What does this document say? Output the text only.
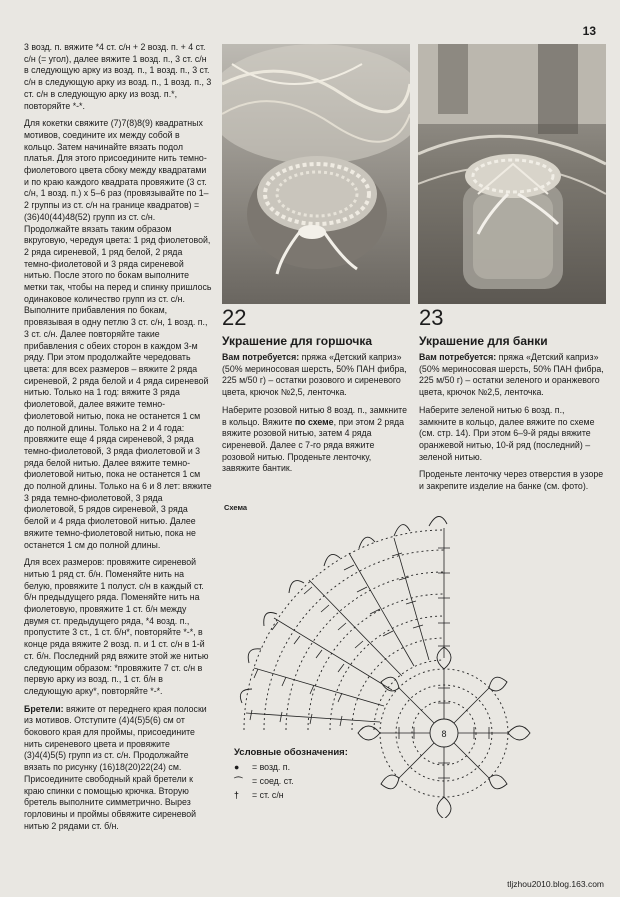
13

3 возд. п. вяжите *4 ст. с/н + 2 возд. п. + 4 ст. с/н (= угол), далее вяжите 1 возд. п., 3 ст. с/н в следующую арку из возд. п., 1 возд. п., 3 ст. с/н в следующую арку из возд. п., 1 возд. п., 3 ст. с/н в следующую арку из возд. п.*, повторяйте *-*.

Для кокетки свяжите (7)7(8)8(9) квадратных мотивов, соедините их между собой в кольцо. Затем начинайте вязать подол платья. Для этого присоедините нить темно-фиолетового цвета сбоку между квадратами и по краю каждого квадрата провяжите (3 ст. с/н, 1 возд. п.) х 5–6 раз (провязывайте по 1–2 группы из ст. с/н на границе квадратов) = (36)40(44)48(52) групп из ст. с/н. Продолжайте вязать таким образом вкруговую, чередуя цвета: 1 ряд фиолетовой, 2 ряда сиреневой, 1 ряд белой, 2 ряда темно-фиолетовой и 3 ряда сиреневой нитью. После этого по бокам выполните метки так, чтобы на перед и спинку пришлось одинаковое количество групп из ст. с/н. Выполните прибавления по бокам, провязывая в одну петлю 3 ст. с/н, 1 возд. п., 3 ст. с/н. Далее повторяйте такие прибавления с обеих сторон в каждом 3-м ряду. При этом продолжайте чередовать цвета: для всех размеров – вяжите 2 ряда сиреневой, 2 ряда белой и 4 ряда сиреневой нитью. Только на 1 год: вяжите 3 ряда фиолетовой, далее вяжите темно-фиолетовой нитью, пока не останется 1 см до полной длины. Только на 2 и 4 года: провяжите еще 4 ряда сиреневой, 3 ряда темно-фиолетовой, 3 ряда фиолетовой и 3 ряда белой нитью. Далее вяжите темно-фиолетовой нитью, пока не останется 1 см до полной длины. Только на 6 и 8 лет: вяжите 3 ряда темно-фиолетовой, 3 ряда фиолетовой, 5 рядов сиреневой, 3 ряда белой и 4 ряда фиолетовой нитью. Далее вяжите темно-фиолетовой нитью, пока не останется 1 см до полной длины.

Для всех размеров: провяжите сиреневой нитью 1 ряд ст. б/н. Поменяйте нить на белую, провяжите 1 полуст. с/н в каждый ст. б/н предыдущего ряда. Поменяйте нить на фиолетовую, провяжите 1 ст. б/н между двумя ст. предыдущего ряда, *4 возд. п., пропустите 3 ст., 1 ст. б/н*, повторяйте *-*, в конце ряда вяжите 2 возд. п. и 1 ст. с/н в 1-й ст. б/н. Последний ряд вяжите этой же нитью следующим образом: *провяжите 7 ст. с/н в первую арку из возд. п., 1 ст. б/н в следующую арку*, повторяйте *-*.

Бретели: вяжите от переднего края полоски из мотивов. Отступите (4)4(5)5(6) см от бокового края для проймы, присоедините нить сиреневого цвета и провяжите (3)4(4)5(5) групп из ст. с/н. Продолжайте вязать по рисунку (16)18(20)22(24) см. Присоедините свободный край бретели к краю спинки с помощью крючка. Вторую бретель выполните симметрично. Вырез горловины и проймы обвяжите сиреневой нитью 2 рядами ст. б/н.

22
Украшение для горшочка

Вам потребуется: пряжа «Детский каприз» (50% мериносовая шерсть, 50% ПАН фибра, 225 м/50 г) – остатки розового и сиреневого цвета, крючок №2,5, ленточка.

Наберите розовой нитью 8 возд. п., замкните в кольцо. Вяжите по схеме, при этом 2 ряда вяжите розовой нитью, затем 4 ряда сиреневой. Далее с 7-го ряда вяжите розовой нитью. Проденьте ленточку, завяжите бантик.

23
Украшение для банки

Вам потребуется: пряжа «Детский каприз» (50% мериносовая шерсть, 50% ПАН фибра, 225 м/50 г) – остатки зеленого и оранжевого цвета, крючок №2,5, ленточка.

Наберите зеленой нитью 6 возд. п., замкните в кольцо, далее вяжите по схеме (см. стр. 14). При этом 6–9-й ряды вяжите оранжевой нитью, 10-й ряд (последний) – зеленой нитью.

Проденьте ленточку через отверстия в узоре и закрепите изделие на банке (см. фото).

Схема
8
Условные обозначения:
●	= возд. п.
⌒	= соед. ст.
†	= ст. с/н
tljzhou2010.blog.163.com
